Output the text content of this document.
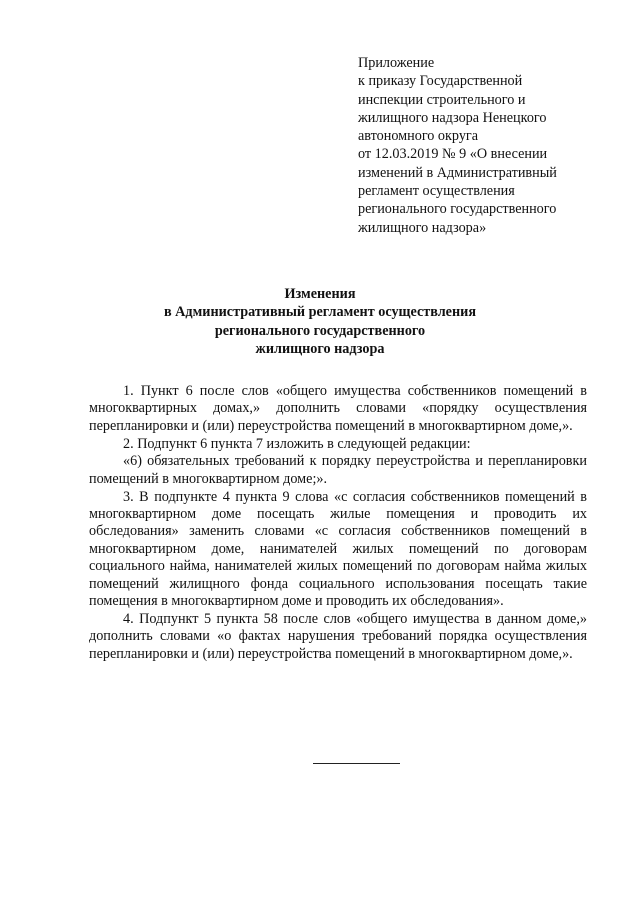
Приложение
к приказу Государственной
инспекции строительного и
жилищного надзора Ненецкого
автономного округа
от 12.03.2019 № 9 «О внесении
изменений в Административный
регламент осуществления
регионального государственного
жилищного надзора»
Изменения
в Административный регламент осуществления
регионального государственного
жилищного надзора

1. Пункт 6 после слов «общего имущества собственников помещений в многоквартирных домах,» дополнить словами «порядку осуществления перепланировки и (или) переустройства помещений в многоквартирном доме,».

2. Подпункт 6 пункта 7 изложить в следующей редакции:

«6) обязательных требований к порядку переустройства и перепланировки помещений в многоквартирном доме;».

3. В подпункте 4 пункта 9 слова «с согласия собственников помещений в многоквартирном доме посещать жилые помещения и проводить их обследования» заменить словами «с согласия собственников помещений в многоквартирном доме, нанимателей жилых помещений по договорам социального найма, нанимателей жилых помещений по договорам найма жилых помещений жилищного фонда социального использования посещать такие помещения в многоквартирном доме и проводить их обследования».

4. Подпункт 5 пункта 58 после слов «общего имущества в данном доме,» дополнить словами «о фактах нарушения требований порядка осуществления перепланировки и (или) переустройства помещений в многоквартирном доме,».
